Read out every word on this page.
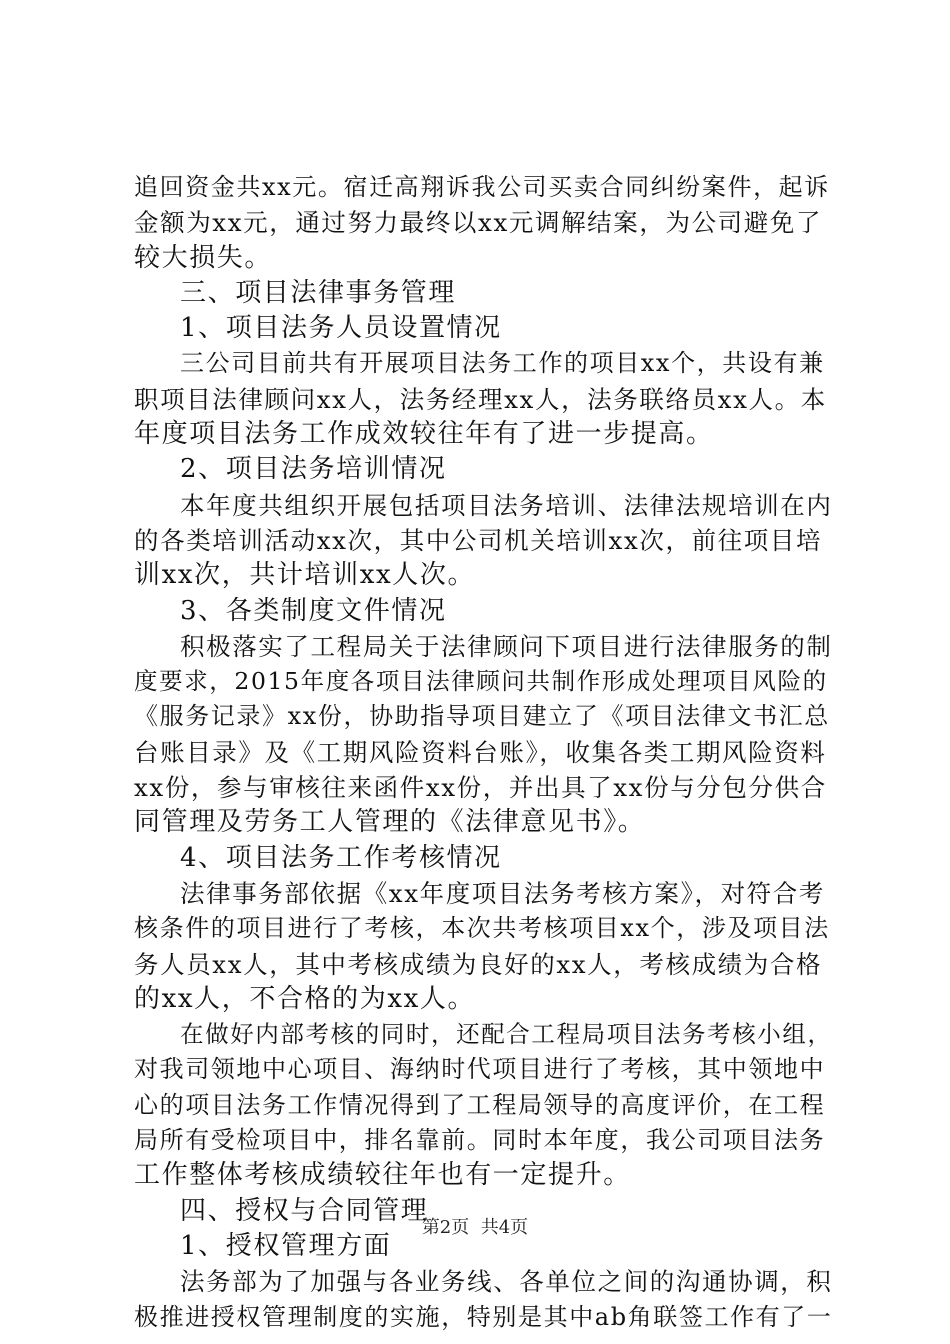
追回资金共xx元。宿迁高翔诉我公司买卖合同纠纷案件，起诉
金额为xx元，通过努力最终以xx元调解结案，为公司避免了
较大损失。
三、项目法律事务管理
1、项目法务人员设置情况
三公司目前共有开展项目法务工作的项目xx个，共设有兼
职项目法律顾问xx人，法务经理xx人，法务联络员xx人。本
年度项目法务工作成效较往年有了进一步提高。
2、项目法务培训情况
本年度共组织开展包括项目法务培训、法律法规培训在内
的各类培训活动xx次，其中公司机关培训xx次，前往项目培
训xx次，共计培训xx人次。
3、各类制度文件情况
积极落实了工程局关于法律顾问下项目进行法律服务的制
度要求，2015年度各项目法律顾问共制作形成处理项目风险的
《服务记录》xx份，协助指导项目建立了《项目法律文书汇总
台账目录》及《工期风险资料台账》，收集各类工期风险资料
xx份，参与审核往来函件xx份，并出具了xx份与分包分供合
同管理及劳务工人管理的《法律意见书》。
4、项目法务工作考核情况
法律事务部依据《xx年度项目法务考核方案》，对符合考
核条件的项目进行了考核，本次共考核项目xx个，涉及项目法
务人员xx人，其中考核成绩为良好的xx人，考核成绩为合格
的xx人，不合格的为xx人。
在做好内部考核的同时，还配合工程局项目法务考核小组，
对我司领地中心项目、海纳时代项目进行了考核，其中领地中
心的项目法务工作情况得到了工程局领导的高度评价，在工程
局所有受检项目中，排名靠前。同时本年度，我公司项目法务
工作整体考核成绩较往年也有一定提升。
四、授权与合同管理
1、授权管理方面
法务部为了加强与各业务线、各单位之间的沟通协调，积
极推进授权管理制度的实施，特别是其中ab角联签工作有了一
第2页  共4页
